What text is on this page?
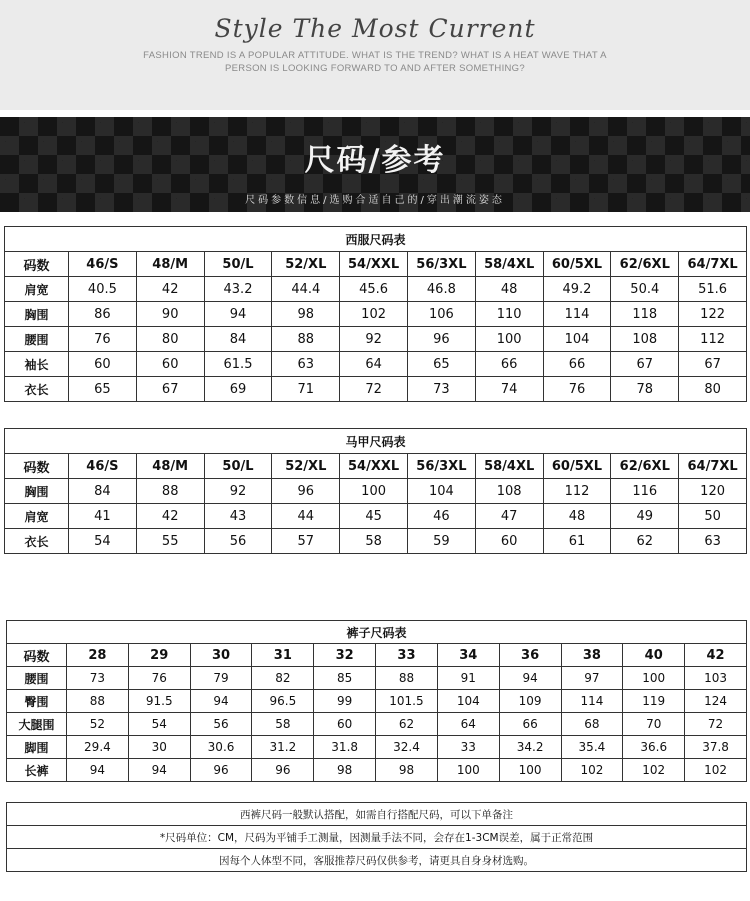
Style The Most Current
FASHION TREND IS A POPULAR ATTITUDE. WHAT IS THE TREND? WHAT IS A HEAT WAVE THAT A
PERSON IS LOOKING FORWARD TO AND AFTER SOMETHING?
尺码/参考
尺码参数信息/选购合适自己的/穿出潮流姿态
西服尺码表										
码数	46/S	48/M	50/L	52/XL	54/XXL	56/3XL	58/4XL	60/5XL	62/6XL	64/7XL
肩宽	40.5	42	43.2	44.4	45.6	46.8	48	49.2	50.4	51.6
胸围	86	90	94	98	102	106	110	114	118	122
腰围	76	80	84	88	92	96	100	104	108	112
袖长	60	60	61.5	63	64	65	66	66	67	67
衣长	65	67	69	71	72	73	74	76	78	80
马甲尺码表										
码数	46/S	48/M	50/L	52/XL	54/XXL	56/3XL	58/4XL	60/5XL	62/6XL	64/7XL
胸围	84	88	92	96	100	104	108	112	116	120
肩宽	41	42	43	44	45	46	47	48	49	50
衣长	54	55	56	57	58	59	60	61	62	63
裤子尺码表											
码数	28	29	30	31	32	33	34	36	38	40	42
腰围	73	76	79	82	85	88	91	94	97	100	103
臀围	88	91.5	94	96.5	99	101.5	104	109	114	119	124
大腿围	52	54	56	58	60	62	64	66	68	70	72
脚围	29.4	30	30.6	31.2	31.8	32.4	33	34.2	35.4	36.6	37.8
长裤	94	94	96	96	98	98	100	100	102	102	102

西裤尺码一般默认搭配，如需自行搭配尺码，可以下单备注											
*尺码单位：CM，尺码为平铺手工测量，因测量手法不同，会存在1-3CM误差，属于正常范围											
因每个人体型不同，客服推荐尺码仅供参考，请更具自身身材选购。											
